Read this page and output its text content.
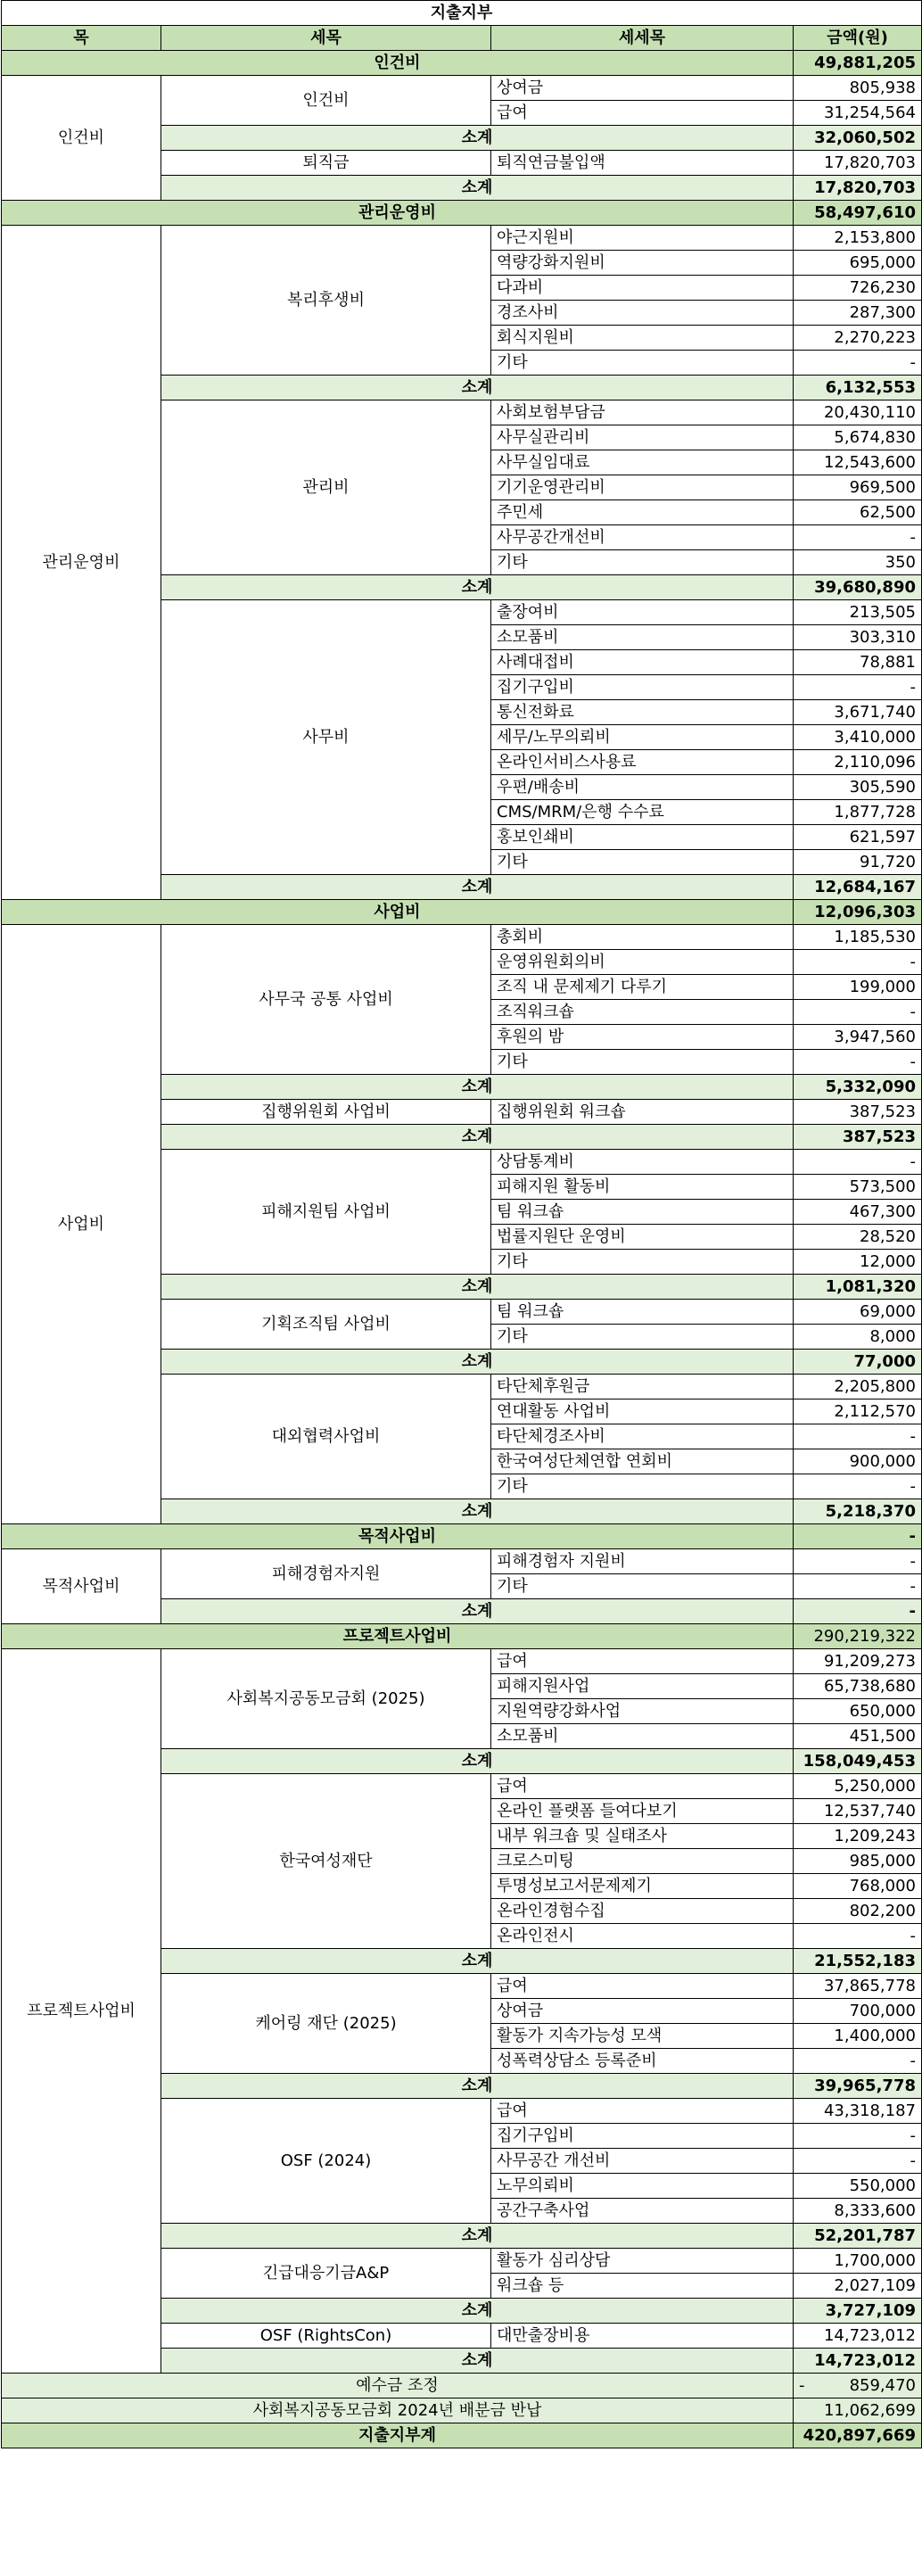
지출지부			
목	세목	세세목	금액(원)
인건비			49,881,205
인건비	인건비	상여금	805,938
		급여	31,254,564
	소계		32,060,502
	퇴직금	퇴직연금불입액	17,820,703
	소계		17,820,703
관리운영비			58,497,610
관리운영비	복리후생비	야근지원비	2,153,800
		역량강화지원비	695,000
		다과비	726,230
		경조사비	287,300
		회식지원비	2,270,223
		기타	-
	소계		6,132,553
	관리비	사회보험부담금	20,430,110
		사무실관리비	5,674,830
		사무실임대료	12,543,600
		기기운영관리비	969,500
		주민세	62,500
		사무공간개선비	-
		기타	350
	소계		39,680,890
	사무비	출장여비	213,505
		소모품비	303,310
		사례대접비	78,881
		집기구입비	-
		통신전화료	3,671,740
		세무/노무의뢰비	3,410,000
		온라인서비스사용료	2,110,096
		우편/배송비	305,590
		CMS/MRM/은행 수수료	1,877,728
		홍보인쇄비	621,597
		기타	91,720
	소계		12,684,167
사업비			12,096,303
사업비	사무국 공통 사업비	총회비	1,185,530
		운영위원회의비	-
		조직 내 문제제기 다루기	199,000
		조직워크숍	-
		후원의 밤	3,947,560
		기타	-
	소계		5,332,090
	집행위원회 사업비	집행위원회 워크숍	387,523
	소계		387,523
	피해지원팀 사업비	상담통계비	-
		피해지원 활동비	573,500
		팀 워크숍	467,300
		법률지원단 운영비	28,520
		기타	12,000
	소계		1,081,320
	기획조직팀 사업비	팀 워크숍	69,000
		기타	8,000
	소계		77,000
	대외협력사업비	타단체후원금	2,205,800
		연대활동 사업비	2,112,570
		타단체경조사비	-
		한국여성단체연합 연회비	900,000
		기타	-
	소계		5,218,370
목적사업비			-
목적사업비	피해경험자지원	피해경험자 지원비	-
		기타	-
	소계		-
프로젝트사업비			290,219,322
프로젝트사업비	사회복지공동모금회 (2025)	급여	91,209,273
		피해지원사업	65,738,680
		지원역량강화사업	650,000
		소모품비	451,500
	소계		158,049,453
	한국여성재단	급여	5,250,000
		온라인 플랫폼 들여다보기	12,537,740
		내부 워크숍 및 실태조사	1,209,243
		크로스미팅	985,000
		투명성보고서문제제기	768,000
		온라인경험수집	802,200
		온라인전시	-
	소계		21,552,183
	케어링 재단 (2025)	급여	37,865,778
		상여금	700,000
		활동가 지속가능성 모색	1,400,000
		성폭력상담소 등록준비	-
	소계		39,965,778
	OSF (2024)	급여	43,318,187
		집기구입비	-
		사무공간 개선비	-
		노무의뢰비	550,000
		공간구축사업	8,333,600
	소계		52,201,787
	긴급대응기금A&P	활동가 심리상담	1,700,000
		워크숍 등	2,027,109
	소계		3,727,109
	OSF (RightsCon)	대만출장비용	14,723,012
	소계		14,723,012
예수금 조정			- 859,470
사회복지공동모금회 2024년 배분금 반납			11,062,699
지출지부계			420,897,669
